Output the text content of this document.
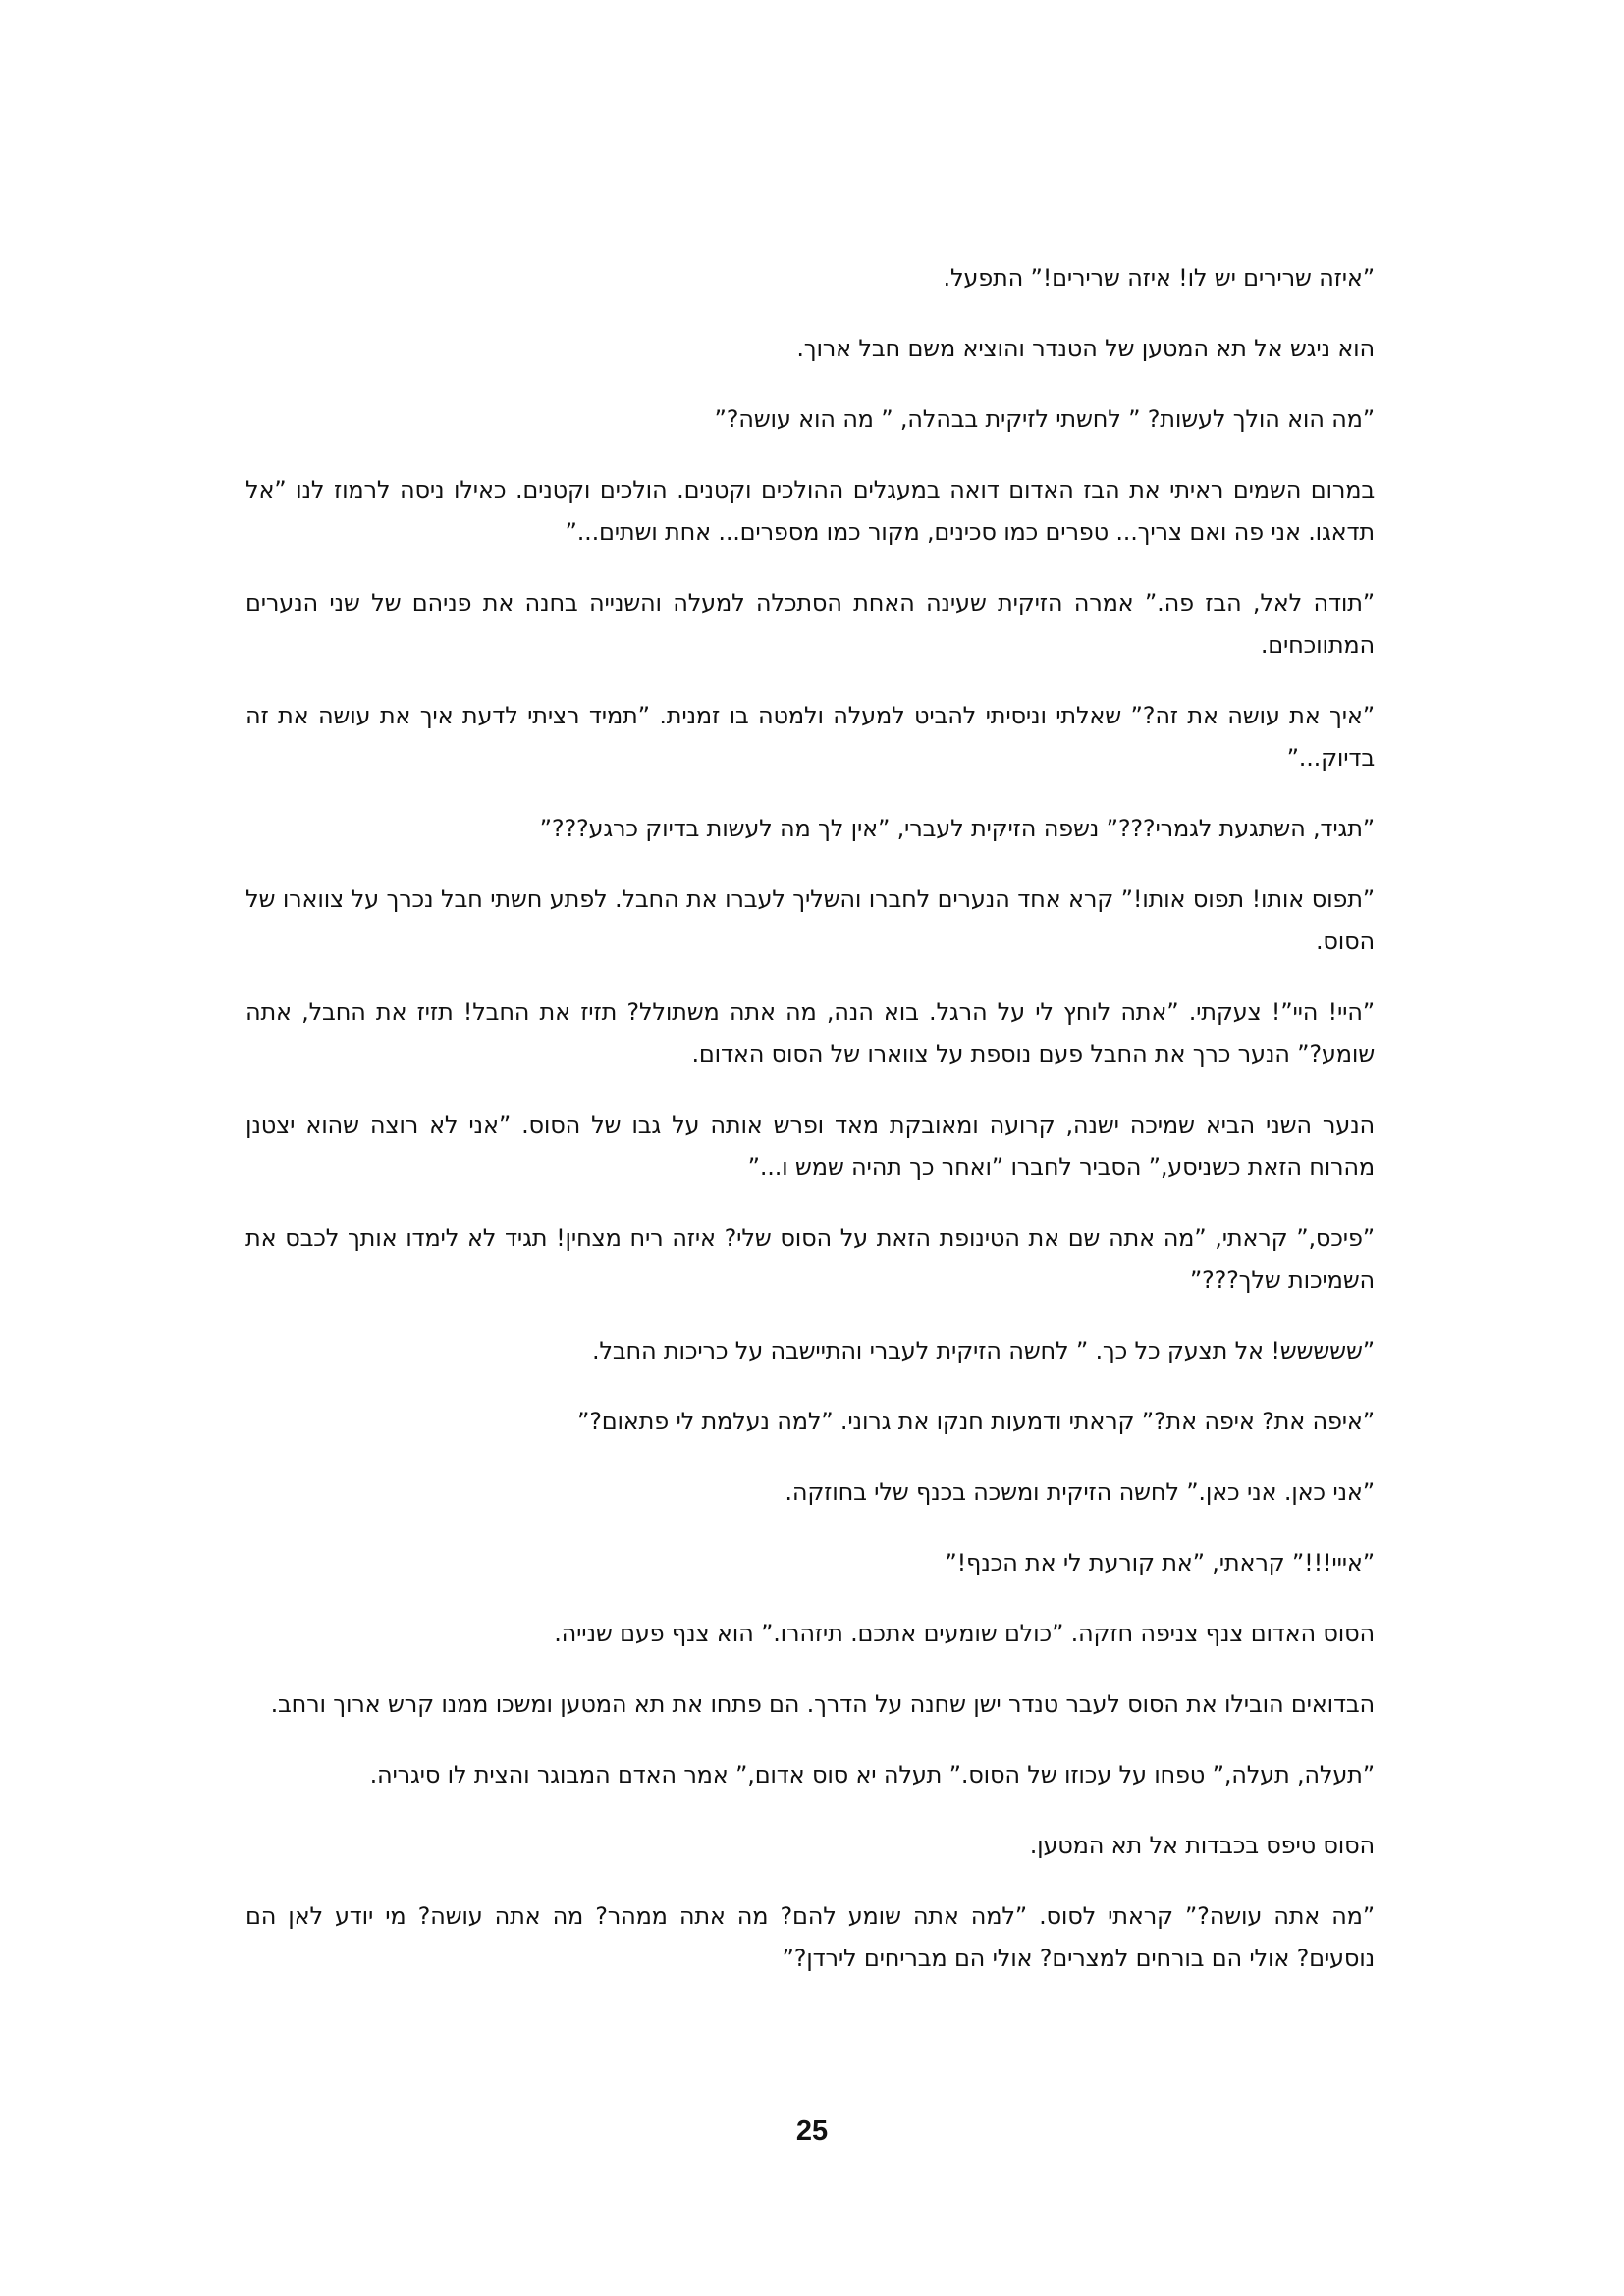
”איזה שרירים יש לו! איזה שרירים!” התפעל.

הוא ניגש אל תא המטען של הטנדר והוציא משם חבל ארוך.

”מה הוא הולך לעשות? ” לחשתי לזיקית בבהלה, ” מה הוא עושה?”

במרום השמים ראיתי את הבז האדום דואה במעגלים ההולכים וקטנים. הולכים וקטנים. כאילו ניסה לרמוז לנו ”אל תדאגו. אני פה ואם צריך... טפרים כמו סכינים, מקור כמו מספרים... אחת ושתים...”

”תודה לאל, הבז פה.” אמרה הזיקית שעינה האחת הסתכלה למעלה והשנייה בחנה את פניהם של שני הנערים המתווכחים.

”איך את עושה את זה?” שאלתי וניסיתי להביט למעלה ולמטה בו זמנית. ”תמיד רציתי לדעת איך את עושה את זה בדיוק...”

”תגיד, השתגעת לגמרי???” נשפה הזיקית לעברי, ”אין לך מה לעשות בדיוק כרגע???”

”תפוס אותו! תפוס אותו!” קרא אחד הנערים לחברו והשליך לעברו את החבל. לפתע חשתי חבל נכרך על צווארו של הסוס.

”היי! היי”! צעקתי. ”אתה לוחץ לי על הרגל. בוא הנה, מה אתה משתולל? תזיז את החבל! תזיז את החבל, אתה שומע?” הנער כרך את החבל פעם נוספת על צווארו של הסוס האדום.

הנער השני הביא שמיכה ישנה, קרועה ומאובקת מאד ופרש אותה על גבו של הסוס. ”אני לא רוצה שהוא יצטנן מהרוח הזאת כשניסע,” הסביר לחברו ”ואחר כך תהיה שמש ו...”

”פיכס,” קראתי, ”מה אתה שם את הטינופת הזאת על הסוס שלי? איזה ריח מצחין! תגיד לא לימדו אותך לכבס את השמיכות שלך???”

”ששששש! אל תצעק כל כך. ” לחשה הזיקית לעברי והתיישבה על כריכות החבל.

”איפה את? איפה את?” קראתי ודמעות חנקו את גרוני. ”למה נעלמת לי פתאום?”

”אני כאן. אני כאן.” לחשה הזיקית ומשכה בכנף שלי בחוזקה.

”אייי!!!” קראתי, ”את קורעת לי את הכנף!”

הסוס האדום צנף צניפה חזקה. ”כולם שומעים אתכם. תיזהרו.” הוא צנף פעם שנייה.

הבדואים הובילו את הסוס לעבר טנדר ישן שחנה על הדרך. הם פתחו את תא המטען ומשכו ממנו קרש ארוך ורחב.

”תעלה, תעלה,” טפחו על עכוזו של הסוס.” תעלה יא סוס אדום,” אמר האדם המבוגר והצית לו סיגריה.

הסוס טיפס בכבדות אל תא המטען.

”מה אתה עושה?” קראתי לסוס. ”למה אתה שומע להם? מה אתה ממהר? מה אתה עושה? מי יודע לאן הם נוסעים? אולי הם בורחים למצרים? אולי הם מבריחים לירדן?”

25
